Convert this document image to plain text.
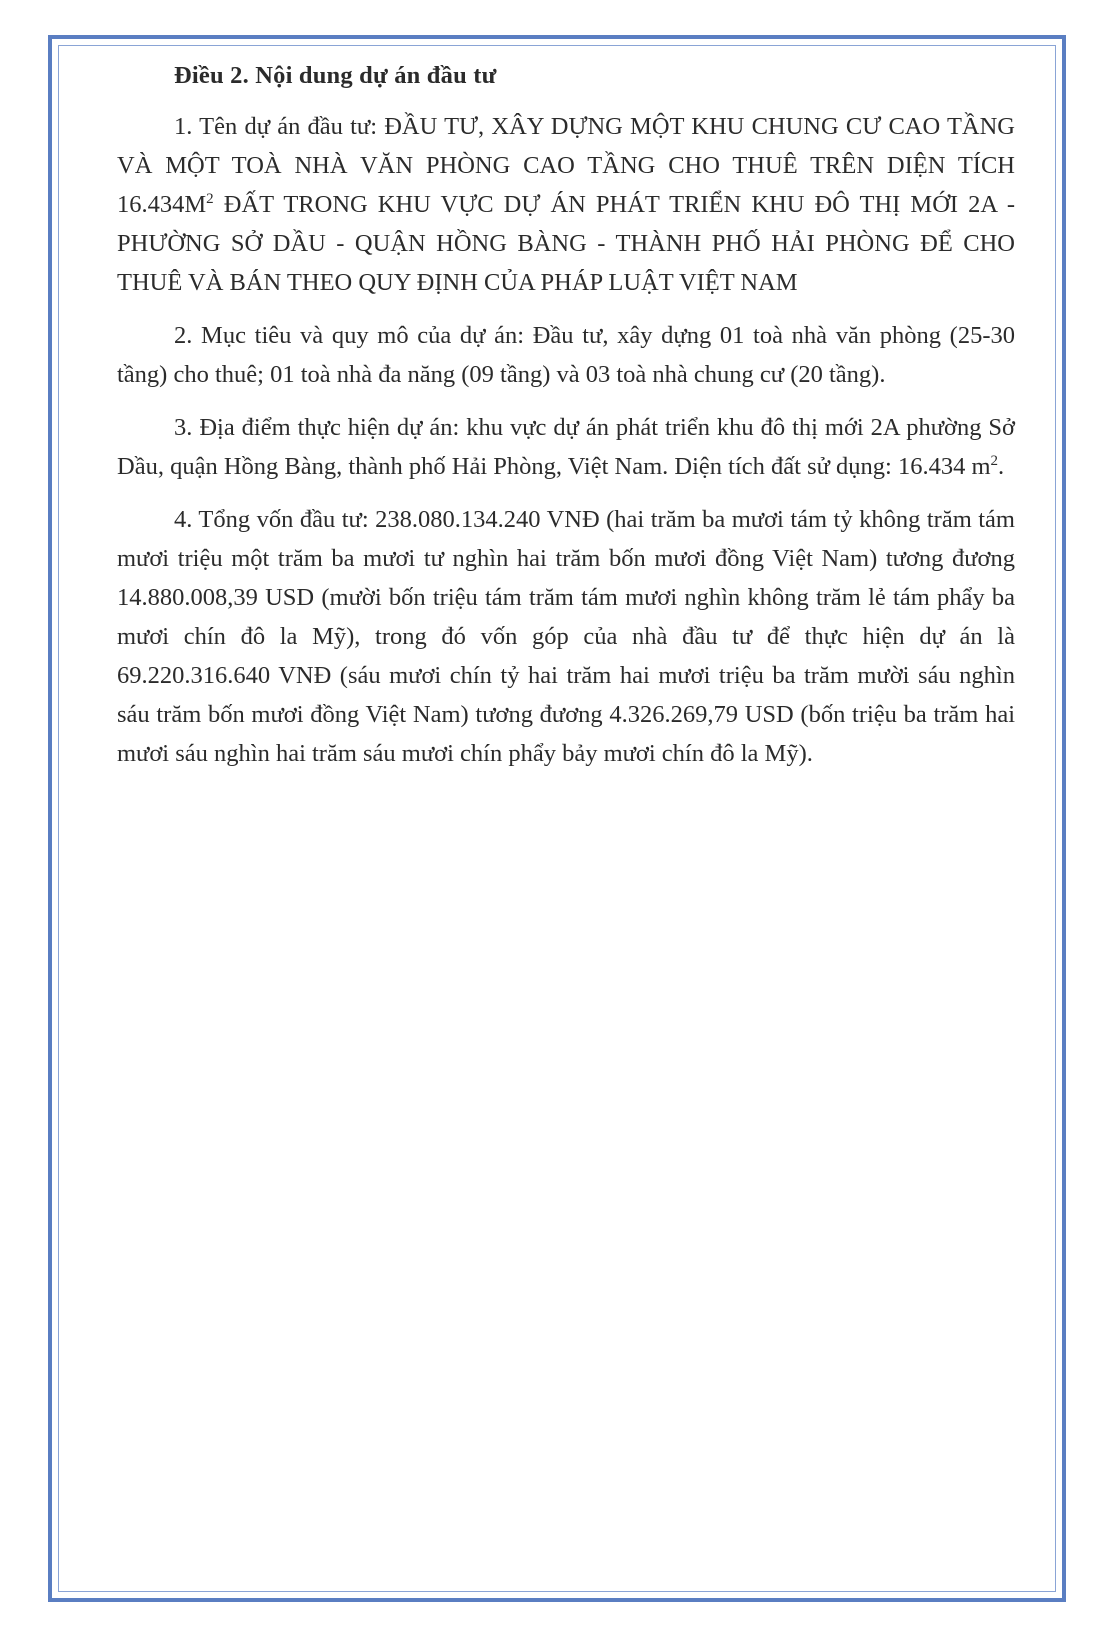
Điều 2. Nội dung dự án đầu tư

1. Tên dự án đầu tư: ĐẦU TƯ, XÂY DỰNG MỘT KHU CHUNG CƯ CAO TẦNG VÀ MỘT TOÀ NHÀ VĂN PHÒNG CAO TẦNG CHO THUÊ TRÊN DIỆN TÍCH $16.434M^2$ ĐẤT TRONG KHU VỰC DỰ ÁN PHÁT TRIỂN KHU ĐÔ THỊ MỚI 2A - PHƯỜNG SỞ DẦU - QUẬN HỒNG BÀNG - THÀNH PHỐ HẢI PHÒNG ĐỂ CHO THUÊ VÀ BÁN THEO QUY ĐỊNH CỦA PHÁP LUẬT VIỆT NAM

2. Mục tiêu và quy mô của dự án: Đầu tư, xây dựng 01 toà nhà văn phòng (25-30 tầng) cho thuê; 01 toà nhà đa năng (09 tầng) và 03 toà nhà chung cư (20 tầng).

3. Địa điểm thực hiện dự án: khu vực dự án phát triển khu đô thị mới 2A phường Sở Dầu, quận Hồng Bàng, thành phố Hải Phòng, Việt Nam. Diện tích đất sử dụng: 16.434 $m^2$.

4. Tổng vốn đầu tư: 238.080.134.240 VNĐ (hai trăm ba mươi tám tỷ không trăm tám mươi triệu một trăm ba mươi tư nghìn hai trăm bốn mươi đồng Việt Nam) tương đương 14.880.008,39 USD (mười bốn triệu tám trăm tám mươi nghìn không trăm lẻ tám phẩy ba mươi chín đô la Mỹ), trong đó vốn góp của nhà đầu tư để thực hiện dự án là 69.220.316.640 VNĐ (sáu mươi chín tỷ hai trăm hai mươi triệu ba trăm mười sáu nghìn sáu trăm bốn mươi đồng Việt Nam) tương đương 4.326.269,79 USD (bốn triệu ba trăm hai mươi sáu nghìn hai trăm sáu mươi chín phẩy bảy mươi chín đô la Mỹ).
